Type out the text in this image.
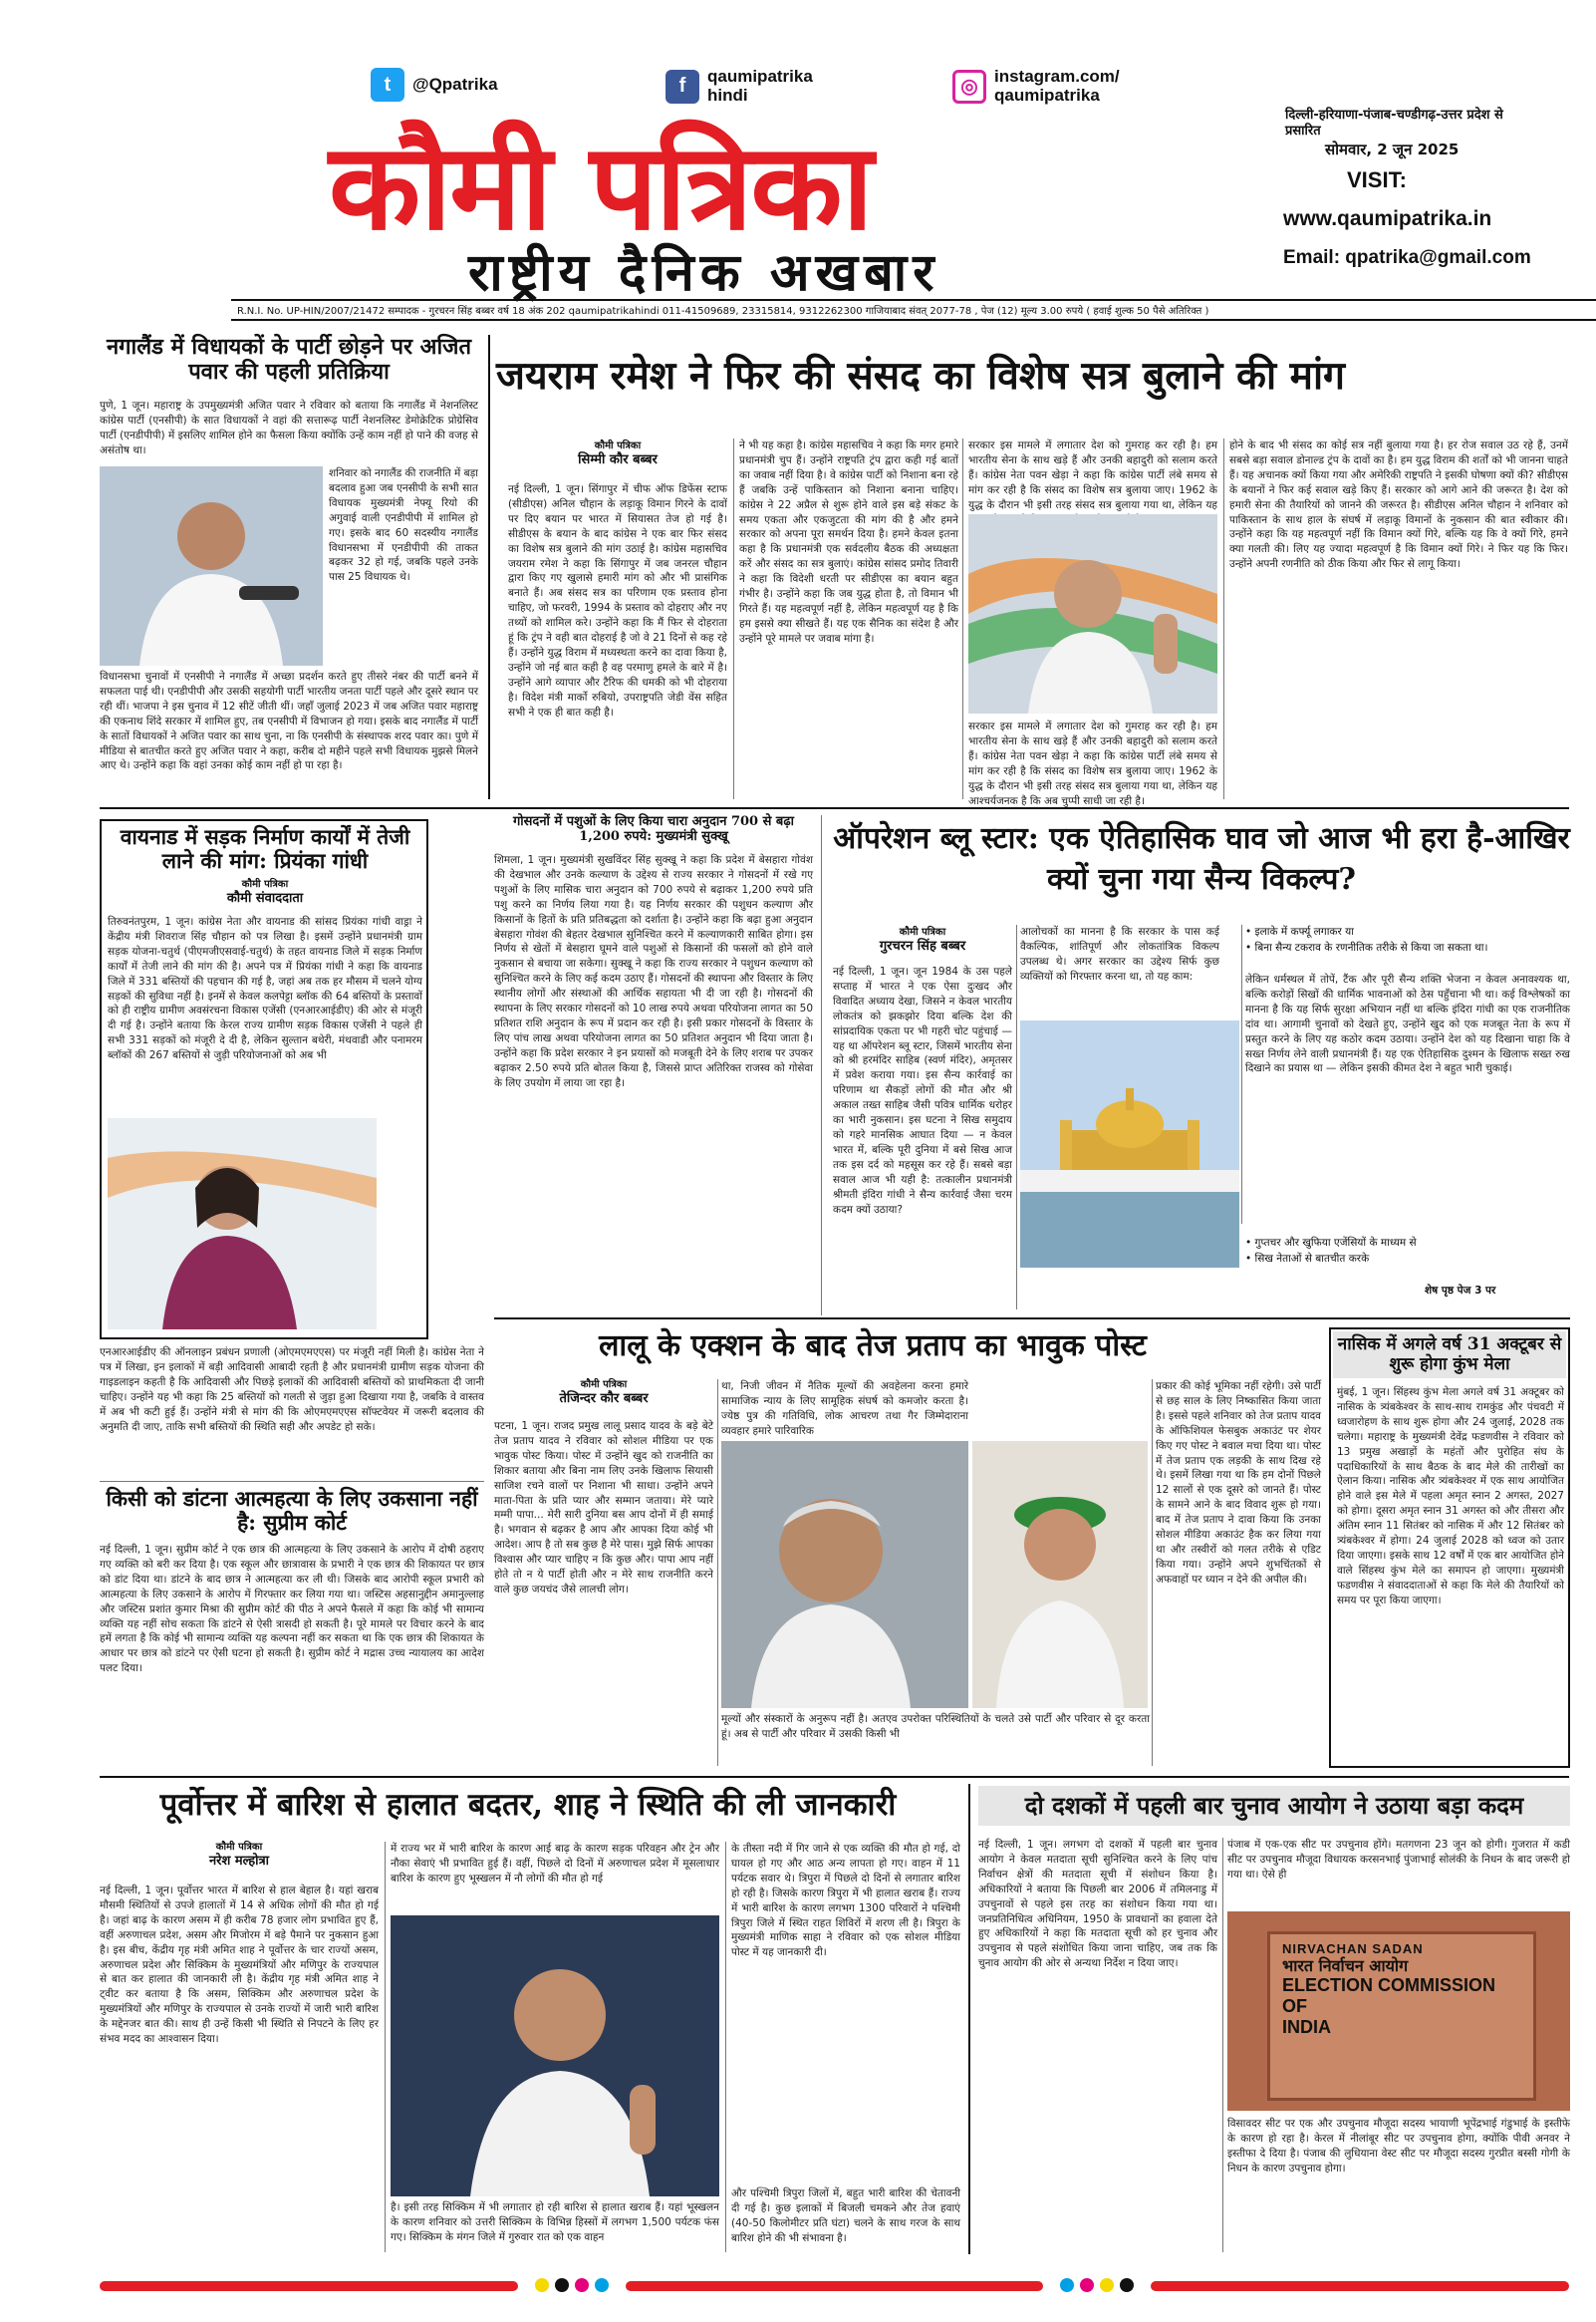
t	@Qpatrika	f	qaumipatrika
hindi	◎ instagram.com/
qaumipatrika
कौमी पत्रिका
राष्ट्रीय दैनिक अखबार
दिल्ली-हरियाणा-पंजाब-चण्डीगढ़-उत्तर प्रदेश से प्रसारित
सोमवार, 2 जून 2025
VISIT:
www.qaumipatrika.in
Email: qpatrika@gmail.com
R.N.I. No. UP-HIN/2007/21472 सम्पादक - गुरचरन सिंह बब्बर वर्ष 18 अंक 202 qaumipatrikahindi 011-41509689, 23315814, 9312262300 गाजियाबाद संवत् 2077-78 , पेज (12) मूल्य 3.00 रुपये ( हवाई शुल्क 50 पैसे अतिरिक्त )
जयराम रमेश ने फिर की संसद का विशेष सत्र बुलाने की मांग
कौमी पत्रिका
सिम्मी कौर बब्बर
नई दिल्ली, 1 जून। सिंगापुर में चीफ ऑफ डिफेंस स्टाफ (सीडीएस) अनिल चौहान के लड़ाकू विमान गिरने के दावों पर दिए बयान पर भारत में सियासत तेज हो गई है। सीडीएस के बयान के बाद कांग्रेस ने एक बार फिर संसद का विशेष सत्र बुलाने की मांग उठाई है। कांग्रेस महासचिव जयराम रमेश ने कहा कि सिंगापुर में जब जनरल चौहान द्वारा किए गए खुलासे हमारी मांग को और भी प्रासंगिक बनाते हैं। अब संसद सत्र का परिणाम एक प्रस्ताव होना चाहिए, जो फरवरी, 1994 के प्रस्ताव को दोहराए और नए तथ्यों को शामिल करे। उन्होंने कहा कि मैं फिर से दोहराता हूं कि ट्रंप ने वही बात दोहराई है जो वे 21 दिनों से कह रहे हैं। उन्होंने युद्ध विराम में मध्यस्थता करने का दावा किया है, उन्होंने जो नई बात कही है वह परमाणु हमले के बारे में है। उन्होंने आगे व्यापार और टैरिफ की धमकी को भी दोहराया है। विदेश मंत्री मार्को रुबियो, उपराष्ट्रपति जेडी वेंस सहित सभी ने एक ही बात कही है।
ने भी यह कहा है। कांग्रेस महासचिव ने कहा कि मगर हमारे प्रधानमंत्री चुप हैं। उन्होंने राष्ट्रपति ट्रंप द्वारा कही गई बातों का जवाब नहीं दिया है। वे कांग्रेस पार्टी को निशाना बना रहे हैं जबकि उन्हें पाकिस्तान को निशाना बनाना चाहिए। कांग्रेस ने 22 अप्रैल से शुरू होने वाले इस बड़े संकट के समय एकता और एकजुटता की मांग की है और हमने सरकार को अपना पूरा समर्थन दिया है। हमने केवल इतना कहा है कि प्रधानमंत्री एक सर्वदलीय बैठक की अध्यक्षता करें और संसद का सत्र बुलाएं। कांग्रेस सांसद प्रमोद तिवारी ने कहा कि विदेशी धरती पर सीडीएस का बयान बहुत गंभीर है। उन्होंने कहा कि जब युद्ध होता है, तो विमान भी गिरते हैं। यह महत्वपूर्ण नहीं है, लेकिन महत्वपूर्ण यह है कि हम इससे क्या सीखते हैं। यह एक सैनिक का संदेश है और उन्होंने पूरे मामले पर जवाब मांगा है।
सरकार इस मामले में लगातार देश को गुमराह कर रही है। हम भारतीय सेना के साथ खड़े हैं और उनकी बहादुरी को सलाम करते हैं। कांग्रेस नेता पवन खेड़ा ने कहा कि कांग्रेस पार्टी लंबे समय से मांग कर रही है कि संसद का विशेष सत्र बुलाया जाए। 1962 के युद्ध के दौरान भी इसी तरह संसद सत्र बुलाया गया था, लेकिन यह
सरकार इस मामले में लगातार देश को गुमराह कर रही है। हम भारतीय सेना के साथ खड़े हैं और उनकी बहादुरी को सलाम करते हैं। कांग्रेस नेता पवन खेड़ा ने कहा कि कांग्रेस पार्टी लंबे समय से मांग कर रही है कि संसद का विशेष सत्र बुलाया जाए। 1962 के युद्ध के दौरान भी इसी तरह संसद सत्र बुलाया गया था, लेकिन यह आश्चर्यजनक है कि अब चुप्पी साधी जा रही है।
होने के बाद भी संसद का कोई सत्र नहीं बुलाया गया है। हर रोज सवाल उठ रहे हैं, उनमें सबसे बड़ा सवाल डोनाल्ड ट्रंप के दावों का है। हम युद्ध विराम की शर्तों को भी जानना चाहते हैं। यह अचानक क्यों किया गया और अमेरिकी राष्ट्रपति ने इसकी घोषणा क्यों की? सीडीएस के बयानों ने फिर कई सवाल खड़े किए हैं। सरकार को आगे आने की जरूरत है। देश को हमारी सेना की तैयारियों को जानने की जरूरत है। सीडीएस अनिल चौहान ने शनिवार को पाकिस्तान के साथ हाल के संघर्ष में लड़ाकू विमानों के नुकसान की बात स्वीकार की। उन्होंने कहा कि यह महत्वपूर्ण नहीं कि विमान क्यों गिरे, बल्कि यह कि वे क्यों गिरे, हमने क्या गलती की। लिए यह ज्यादा महत्वपूर्ण है कि विमान क्यों गिरे। ने फिर यह कि फिर। उन्होंने अपनी रणनीति को ठीक किया और फिर से लागू किया।
नगालैंड में विधायकों के पार्टी छोड़ने पर अजित पवार की पहली प्रतिक्रिया
पुणे, 1 जून। महाराष्ट्र के उपमुख्यमंत्री अजित पवार ने रविवार को बताया कि नगालैंड में नेशनलिस्ट कांग्रेस पार्टी (एनसीपी) के सात विधायकों ने वहां की सत्तारूढ़ पार्टी नेशनलिस्ट डेमोक्रेटिक प्रोग्रेसिव पार्टी (एनडीपीपी) में इसलिए शामिल होने का फैसला किया क्योंकि उन्हें काम नहीं हो पाने की वजह से असंतोष था।
शनिवार को नगालैंड की राजनीति में बड़ा बदलाव हुआ जब एनसीपी के सभी सात विधायक मुख्यमंत्री नेफ्यू रियो की अगुवाई वाली एनडीपीपी में शामिल हो गए। इसके बाद 60 सदस्यीय नगालैंड विधानसभा में एनडीपीपी की ताकत बढ़कर 32 हो गई, जबकि पहले उनके पास 25 विधायक थे।
विधानसभा चुनावों में एनसीपी ने नगालैंड में अच्छा प्रदर्शन करते हुए तीसरे नंबर की पार्टी बनने में सफलता पाई थी। एनडीपीपी और उसकी सहयोगी पार्टी भारतीय जनता पार्टी पहले और दूसरे स्थान पर रही थीं। भाजपा ने इस चुनाव में 12 सीटें जीती थीं। जहाँ जुलाई 2023 में जब अजित पवार महाराष्ट्र की एकनाथ शिंदे सरकार में शामिल हुए, तब एनसीपी में विभाजन हो गया। इसके बाद नगालैंड में पार्टी के सातों विधायकों ने अजित पवार का साथ चुना, ना कि एनसीपी के संस्थापक शरद पवार का। पुणे में मीडिया से बातचीत करते हुए अजित पवार ने कहा, करीब दो महीने पहले सभी विधायक मुझसे मिलने आए थे। उन्होंने कहा कि वहां उनका कोई काम नहीं हो पा रहा है।
वायनाड में सड़क निर्माण कार्यों में तेजी लाने की मांग: प्रियंका गांधी
कौमी पत्रिका
कौमी संवाददाता
तिरुवनंतपुरम, 1 जून। कांग्रेस नेता और वायनाड की सांसद प्रियंका गांधी वाड्रा ने केंद्रीय मंत्री शिवराज सिंह चौहान को पत्र लिखा है। इसमें उन्होंने प्रधानमंत्री ग्राम सड़क योजना-चतुर्थ (पीएमजीएसवाई-चतुर्थ) के तहत वायनाड जिले में सड़क निर्माण कार्यों में तेजी लाने की मांग की है। अपने पत्र में प्रियंका गांधी ने कहा कि वायनाड जिले में 331 बस्तियों की पहचान की गई है, जहां अब तक हर मौसम में चलने योग्य सड़कों की सुविधा नहीं है। इनमें से केवल कलपेट्टा ब्लॉक की 64 बस्तियों के प्रस्तावों को ही राष्ट्रीय ग्रामीण अवसंरचना विकास एजेंसी (एनआरआईडीए) की ओर से मंजूरी दी गई है। उन्होंने बताया कि केरल राज्य ग्रामीण सड़क विकास एजेंसी ने पहले ही सभी 331 सड़कों को मंजूरी दे दी है, लेकिन सुल्तान बथेरी, मंथवाडी और पनामरम ब्लॉकों की 267 बस्तियों से जुड़ी परियोजनाओं को अब भी
एनआरआईडीए की ऑनलाइन प्रबंधन प्रणाली (ओएमएमएएस) पर मंजूरी नहीं मिली है। कांग्रेस नेता ने पत्र में लिखा, इन इलाकों में बड़ी आदिवासी आबादी रहती है और प्रधानमंत्री ग्रामीण सड़क योजना की गाइडलाइन कहती है कि आदिवासी और पिछड़े इलाकों की आदिवासी बस्तियों को प्राथमिकता दी जानी चाहिए। उन्होंने यह भी कहा कि 25 बस्तियों को गलती से जुड़ा हुआ दिखाया गया है, जबकि वे वास्तव में अब भी कटी हुई हैं। उन्होंने मंत्री से मांग की कि ओएमएमएएस सॉफ्टवेयर में जरूरी बदलाव की अनुमति दी जाए, ताकि सभी बस्तियों की स्थिति सही और अपडेट हो सके।
किसी को डांटना आत्महत्या के लिए उकसाना नहीं है: सुप्रीम कोर्ट
नई दिल्ली, 1 जून। सुप्रीम कोर्ट ने एक छात्र की आत्महत्या के लिए उकसाने के आरोप में दोषी ठहराए गए व्यक्ति को बरी कर दिया है। एक स्कूल और छात्रावास के प्रभारी ने एक छात्र की शिकायत पर छात्र को डांट दिया था। डांटने के बाद छात्र ने आत्महत्या कर ली थी। जिसके बाद आरोपी स्कूल प्रभारी को आत्महत्या के लिए उकसाने के आरोप में गिरफ्तार कर लिया गया था। जस्टिस अहसानुद्दीन अमानुल्लाह और जस्टिस प्रशांत कुमार मिश्रा की सुप्रीम कोर्ट की पीठ ने अपने फैसले में कहा कि कोई भी सामान्य व्यक्ति यह नहीं सोच सकता कि डांटने से ऐसी त्रासदी हो सकती है। पूरे मामले पर विचार करने के बाद हमें लगता है कि कोई भी सामान्य व्यक्ति यह कल्पना नहीं कर सकता था कि एक छात्र की शिकायत के आधार पर छात्र को डांटने पर ऐसी घटना हो सकती है। सुप्रीम कोर्ट ने मद्रास उच्च न्यायालय का आदेश पलट दिया।
गोसदनों में पशुओं के लिए किया चारा अनुदान 700 से बढ़ा 1,200 रुपये: मुख्यमंत्री सुक्खू
शिमला, 1 जून। मुख्यमंत्री सुखविंदर सिंह सुक्खू ने कहा कि प्रदेश में बेसहारा गोवंश की देखभाल और उनके कल्याण के उद्देश्य से राज्य सरकार ने गोसदनों में रखे गए पशुओं के लिए मासिक चारा अनुदान को 700 रुपये से बढ़ाकर 1,200 रुपये प्रति पशु करने का निर्णय लिया गया है। यह निर्णय सरकार की पशुधन कल्याण और किसानों के हितों के प्रति प्रतिबद्धता को दर्शाता है। उन्होंने कहा कि बढ़ा हुआ अनुदान बेसहारा गोवंश की बेहतर देखभाल सुनिश्चित करने में कल्याणकारी साबित होगा। इस निर्णय से खेतों में बेसहारा घूमने वाले पशुओं से किसानों की फसलों को होने वाले नुकसान से बचाया जा सकेगा। सुक्खू ने कहा कि राज्य सरकार ने पशुधन कल्याण को सुनिश्चित करने के लिए कई कदम उठाए हैं। गोसदनों की स्थापना और विस्तार के लिए स्थानीय लोगों और संस्थाओं की आर्थिक सहायता भी दी जा रही है। गोसदनों की स्थापना के लिए सरकार गोसदनों को 10 लाख रुपये अथवा परियोजना लागत का 50 प्रतिशत राशि अनुदान के रूप में प्रदान कर रही है। इसी प्रकार गोसदनों के विस्तार के लिए पांच लाख अथवा परियोजना लागत का 50 प्रतिशत अनुदान भी दिया जाता है। उन्होंने कहा कि प्रदेश सरकार ने इन प्रयासों को मजबूती देने के लिए शराब पर उपकर बढ़ाकर 2.50 रुपये प्रति बोतल किया है, जिससे प्राप्त अतिरिक्त राजस्व को गोसेवा के लिए उपयोग में लाया जा रहा है।
ऑपरेशन ब्लू स्टार: एक ऐतिहासिक घाव जो आज भी हरा है-आखिर क्यों चुना गया सैन्य विकल्प?
कौमी पत्रिका
गुरचरन सिंह बब्बर
नई दिल्ली, 1 जून। जून 1984 के उस पहले सप्ताह में भारत ने एक ऐसा दुःखद और विवादित अध्याय देखा, जिसने न केवल भारतीय लोकतंत्र को झकझोर दिया बल्कि देश की सांप्रदायिक एकता पर भी गहरी चोट पहुंचाई — यह था ऑपरेशन ब्लू स्टार, जिसमें भारतीय सेना को श्री हरमंदिर साहिब (स्वर्ण मंदिर), अमृतसर में प्रवेश कराया गया। इस सैन्य कार्रवाई का परिणाम था सैकड़ों लोगों की मौत और श्री अकाल तख्त साहिब जैसी पवित्र धार्मिक धरोहर का भारी नुकसान। इस घटना ने सिख समुदाय को गहरे मानसिक आघात दिया — न केवल भारत में, बल्कि पूरी दुनिया में बसे सिख आज तक इस दर्द को महसूस कर रहे हैं। सबसे बड़ा सवाल आज भी यही है: तत्कालीन प्रधानमंत्री श्रीमती इंदिरा गांधी ने सैन्य कार्रवाई जैसा चरम कदम क्यों उठाया?
आलोचकों का मानना है कि सरकार के पास कई वैकल्पिक, शांतिपूर्ण और लोकतांत्रिक विकल्प उपलब्ध थे। अगर सरकार का उद्देश्य सिर्फ कुछ व्यक्तियों को गिरफ्तार करना था, तो यह काम:
• गुप्तचर और खुफिया एजेंसियों के माध्यम से
• सिख नेताओं से बातचीत करके
• इलाके में कर्फ्यू लगाकर या
• बिना सैन्य टकराव के रणनीतिक तरीके से किया जा सकता था।
लेकिन धर्मस्थल में तोपें, टैंक और पूरी सैन्य शक्ति भेजना न केवल अनावश्यक था, बल्कि करोड़ों सिखों की धार्मिक भावनाओं को ठेस पहुँचाना भी था। कई विश्लेषकों का मानना है कि यह सिर्फ सुरक्षा अभियान नहीं था बल्कि इंदिरा गांधी का एक राजनीतिक दांव था। आगामी चुनावों को देखते हुए, उन्होंने खुद को एक मजबूत नेता के रूप में प्रस्तुत करने के लिए यह कठोर कदम उठाया। उन्होंने देश को यह दिखाना चाहा कि वे सख्त निर्णय लेने वाली प्रधानमंत्री हैं। यह एक ऐतिहासिक दुश्मन के खिलाफ सख्त रुख दिखाने का प्रयास था — लेकिन इसकी कीमत देश ने बहुत भारी चुकाई।
शेष पृष्ठ पेज 3 पर
लालू के एक्शन के बाद तेज प्रताप का भावुक पोस्ट
कौमी पत्रिका
तेजिन्दर कौर बब्बर
पटना, 1 जून। राजद प्रमुख लालू प्रसाद यादव के बड़े बेटे तेज प्रताप यादव ने रविवार को सोशल मीडिया पर एक भावुक पोस्ट किया। पोस्ट में उन्होंने खुद को राजनीति का शिकार बताया और बिना नाम लिए उनके खिलाफ सियासी साजिश रचने वालों पर निशाना भी साधा। उन्होंने अपने माता-पिता के प्रति प्यार और सम्मान जताया। मेरे प्यारे मम्मी पापा... मेरी सारी दुनिया बस आप दोनों में ही समाई है। भगवान से बढ़कर है आप और आपका दिया कोई भी आदेश। आप है तो सब कुछ है मेरे पास। मुझे सिर्फ आपका विश्वास और प्यार चाहिए न कि कुछ और। पापा आप नहीं होते तो न ये पार्टी होती और न मेरे साथ राजनीति करने वाले कुछ जयचंद जैसे लालची लोग।
था, निजी जीवन में नैतिक मूल्यों की अवहेलना करना हमारे सामाजिक न्याय के लिए सामूहिक संघर्ष को कमजोर करता है। ज्येष्ठ पुत्र की गतिविधि, लोक आचरण तथा गैर जिम्मेदाराना व्यवहार हमारे पारिवारिक
मूल्यों और संस्कारों के अनुरूप नहीं है। अतएव उपरोक्त परिस्थितियों के चलते उसे पार्टी और परिवार से दूर करता हूं। अब से पार्टी और परिवार में उसकी किसी भी
प्रकार की कोई भूमिका नहीं रहेगी। उसे पार्टी से छह साल के लिए निष्कासित किया जाता है। इससे पहले शनिवार को तेज प्रताप यादव के ऑफिशियल फेसबुक अकाउंट पर शेयर किए गए पोस्ट ने बवाल मचा दिया था। पोस्ट में तेज प्रताप एक लड़की के साथ दिख रहे थे। इसमें लिखा गया था कि हम दोनों पिछले 12 सालों से एक दूसरे को जानते हैं। पोस्ट के सामने आने के बाद विवाद शुरू हो गया। बाद में तेज प्रताप ने दावा किया कि उनका सोशल मीडिया अकाउंट हैक कर लिया गया था और तस्वीरों को गलत तरीके से एडिट किया गया। उन्होंने अपने शुभचिंतकों से अफवाहों पर ध्यान न देने की अपील की।
नासिक में अगले वर्ष 31 अक्टूबर से शुरू होगा कुंभ मेला
मुंबई, 1 जून। सिंहस्थ कुंभ मेला अगले वर्ष 31 अक्टूबर को नासिक के त्र्यंबकेश्वर के साथ-साथ रामकुंड और पंचवटी में ध्वजारोहण के साथ शुरू होगा और 24 जुलाई, 2028 तक चलेगा। महाराष्ट्र के मुख्यमंत्री देवेंद्र फडणवीस ने रविवार को 13 प्रमुख अखाड़ों के महंतों और पुरोहित संघ के पदाधिकारियों के साथ बैठक के बाद मेले की तारीखों का ऐलान किया। नासिक और त्र्यंबकेश्वर में एक साथ आयोजित होने वाले इस मेले में पहला अमृत स्नान 2 अगस्त, 2027 को होगा। दूसरा अमृत स्नान 31 अगस्त को और तीसरा और अंतिम स्नान 11 सितंबर को नासिक में और 12 सितंबर को त्र्यंबकेश्वर में होगा। 24 जुलाई 2028 को ध्वज को उतार दिया जाएगा। इसके साथ 12 वर्षों में एक बार आयोजित होने वाले सिंहस्थ कुंभ मेले का समापन हो जाएगा। मुख्यमंत्री फडणवीस ने संवाददाताओं से कहा कि मेले की तैयारियों को समय पर पूरा किया जाएगा।
पूर्वोत्तर में बारिश से हालात बदतर, शाह ने स्थिति की ली जानकारी
कौमी पत्रिका
नरेश मल्होत्रा
नई दिल्ली, 1 जून। पूर्वोत्तर भारत में बारिश से हाल बेहाल है। यहां खराब मौसमी स्थितियों से उपजे हालातों में 14 से अधिक लोगों की मौत हो गई है। जहां बाढ़ के कारण असम में ही करीब 78 हजार लोग प्रभावित हुए हैं, वहीं अरुणाचल प्रदेश, असम और मिजोरम में बड़े पैमाने पर नुकसान हुआ है। इस बीच, केंद्रीय गृह मंत्री अमित शाह ने पूर्वोत्तर के चार राज्यों असम, अरुणाचल प्रदेश और सिक्किम के मुख्यमंत्रियों और मणिपुर के राज्यपाल से बात कर हालात की जानकारी ली है। केंद्रीय गृह मंत्री अमित शाह ने ट्वीट कर बताया है कि असम, सिक्किम और अरुणाचल प्रदेश के मुख्यमंत्रियों और मणिपुर के राज्यपाल से उनके राज्यों में जारी भारी बारिश के मद्देनजर बात की। साथ ही उन्हें किसी भी स्थिति से निपटने के लिए हर संभव मदद का आश्वासन दिया।
में राज्य भर में भारी बारिश के कारण आई बाढ़ के कारण सड़क परिवहन और ट्रेन और नौका सेवाएं भी प्रभावित हुई हैं। वहीं, पिछले दो दिनों में अरुणाचल प्रदेश में मूसलाधार बारिश के कारण हुए भूस्खलन में नौ लोगों की मौत हो गई
है। इसी तरह सिक्किम में भी लगातार हो रही बारिश से हालात खराब हैं। यहां भूस्खलन के कारण शनिवार को उत्तरी सिक्किम के विभिन्न हिस्सों में लगभग 1,500 पर्यटक फंस गए। सिक्किम के मंगन जिले में गुरुवार रात को एक वाहन
के तीस्ता नदी में गिर जाने से एक व्यक्ति की मौत हो गई, दो घायल हो गए और आठ अन्य लापता हो गए। वाहन में 11 पर्यटक सवार थे। त्रिपुरा में पिछले दो दिनों से लगातार बारिश हो रही है। जिसके कारण त्रिपुरा में भी हालात खराब हैं। राज्य में भारी बारिश के कारण लगभग 1300 परिवारों ने पश्चिमी त्रिपुरा जिले में स्थित राहत शिविरों में शरण ली है। त्रिपुरा के मुख्यमंत्री माणिक साहा ने रविवार को एक सोशल मीडिया पोस्ट में यह जानकारी दी।
और पश्चिमी त्रिपुरा जिलों में, बहुत भारी बारिश की चेतावनी दी गई है। कुछ इलाकों में बिजली चमकने और तेज हवाएं (40-50 किलोमीटर प्रति घंटा) चलने के साथ गरज के साथ बारिश होने की भी संभावना है।
दो दशकों में पहली बार चुनाव आयोग ने उठाया बड़ा कदम
नई दिल्ली, 1 जून। लगभग दो दशकों में पहली बार चुनाव आयोग ने केवल मतदाता सूची सुनिश्चित करने के लिए पांच निर्वाचन क्षेत्रों की मतदाता सूची में संशोधन किया है। अधिकारियों ने बताया कि पिछली बार 2006 में तमिलनाडु में उपचुनावों से पहले इस तरह का संशोधन किया गया था। जनप्रतिनिधित्व अधिनियम, 1950 के प्रावधानों का हवाला देते हुए अधिकारियों ने कहा कि मतदाता सूची को हर चुनाव और उपचुनाव से पहले संशोधित किया जाना चाहिए, जब तक कि चुनाव आयोग की ओर से अन्यथा निर्देश न दिया जाए।
पंजाब में एक-एक सीट पर उपचुनाव होंगे। मतगणना 23 जून को होगी। गुजरात में कडी सीट पर उपचुनाव मौजूदा विधायक करसनभाई पुंजाभाई सोलंकी के निधन के बाद जरूरी हो गया था। ऐसे ही
NIRVACHAN SADAN
भारत निर्वाचन आयोग
ELECTION COMMISSION
OF
INDIA
विसावदर सीट पर एक और उपचुनाव मौजूदा सदस्य भायाणी भूपेंद्रभाई गंडुभाई के इस्तीफे के कारण हो रहा है। केरल में नीलांबूर सीट पर उपचुनाव होगा, क्योंकि पीवी अनवर ने इस्तीफा दे दिया है। पंजाब की लुधियाना वेस्ट सीट पर मौजूदा सदस्य गुरप्रीत बस्सी गोगी के निधन के कारण उपचुनाव होगा।
